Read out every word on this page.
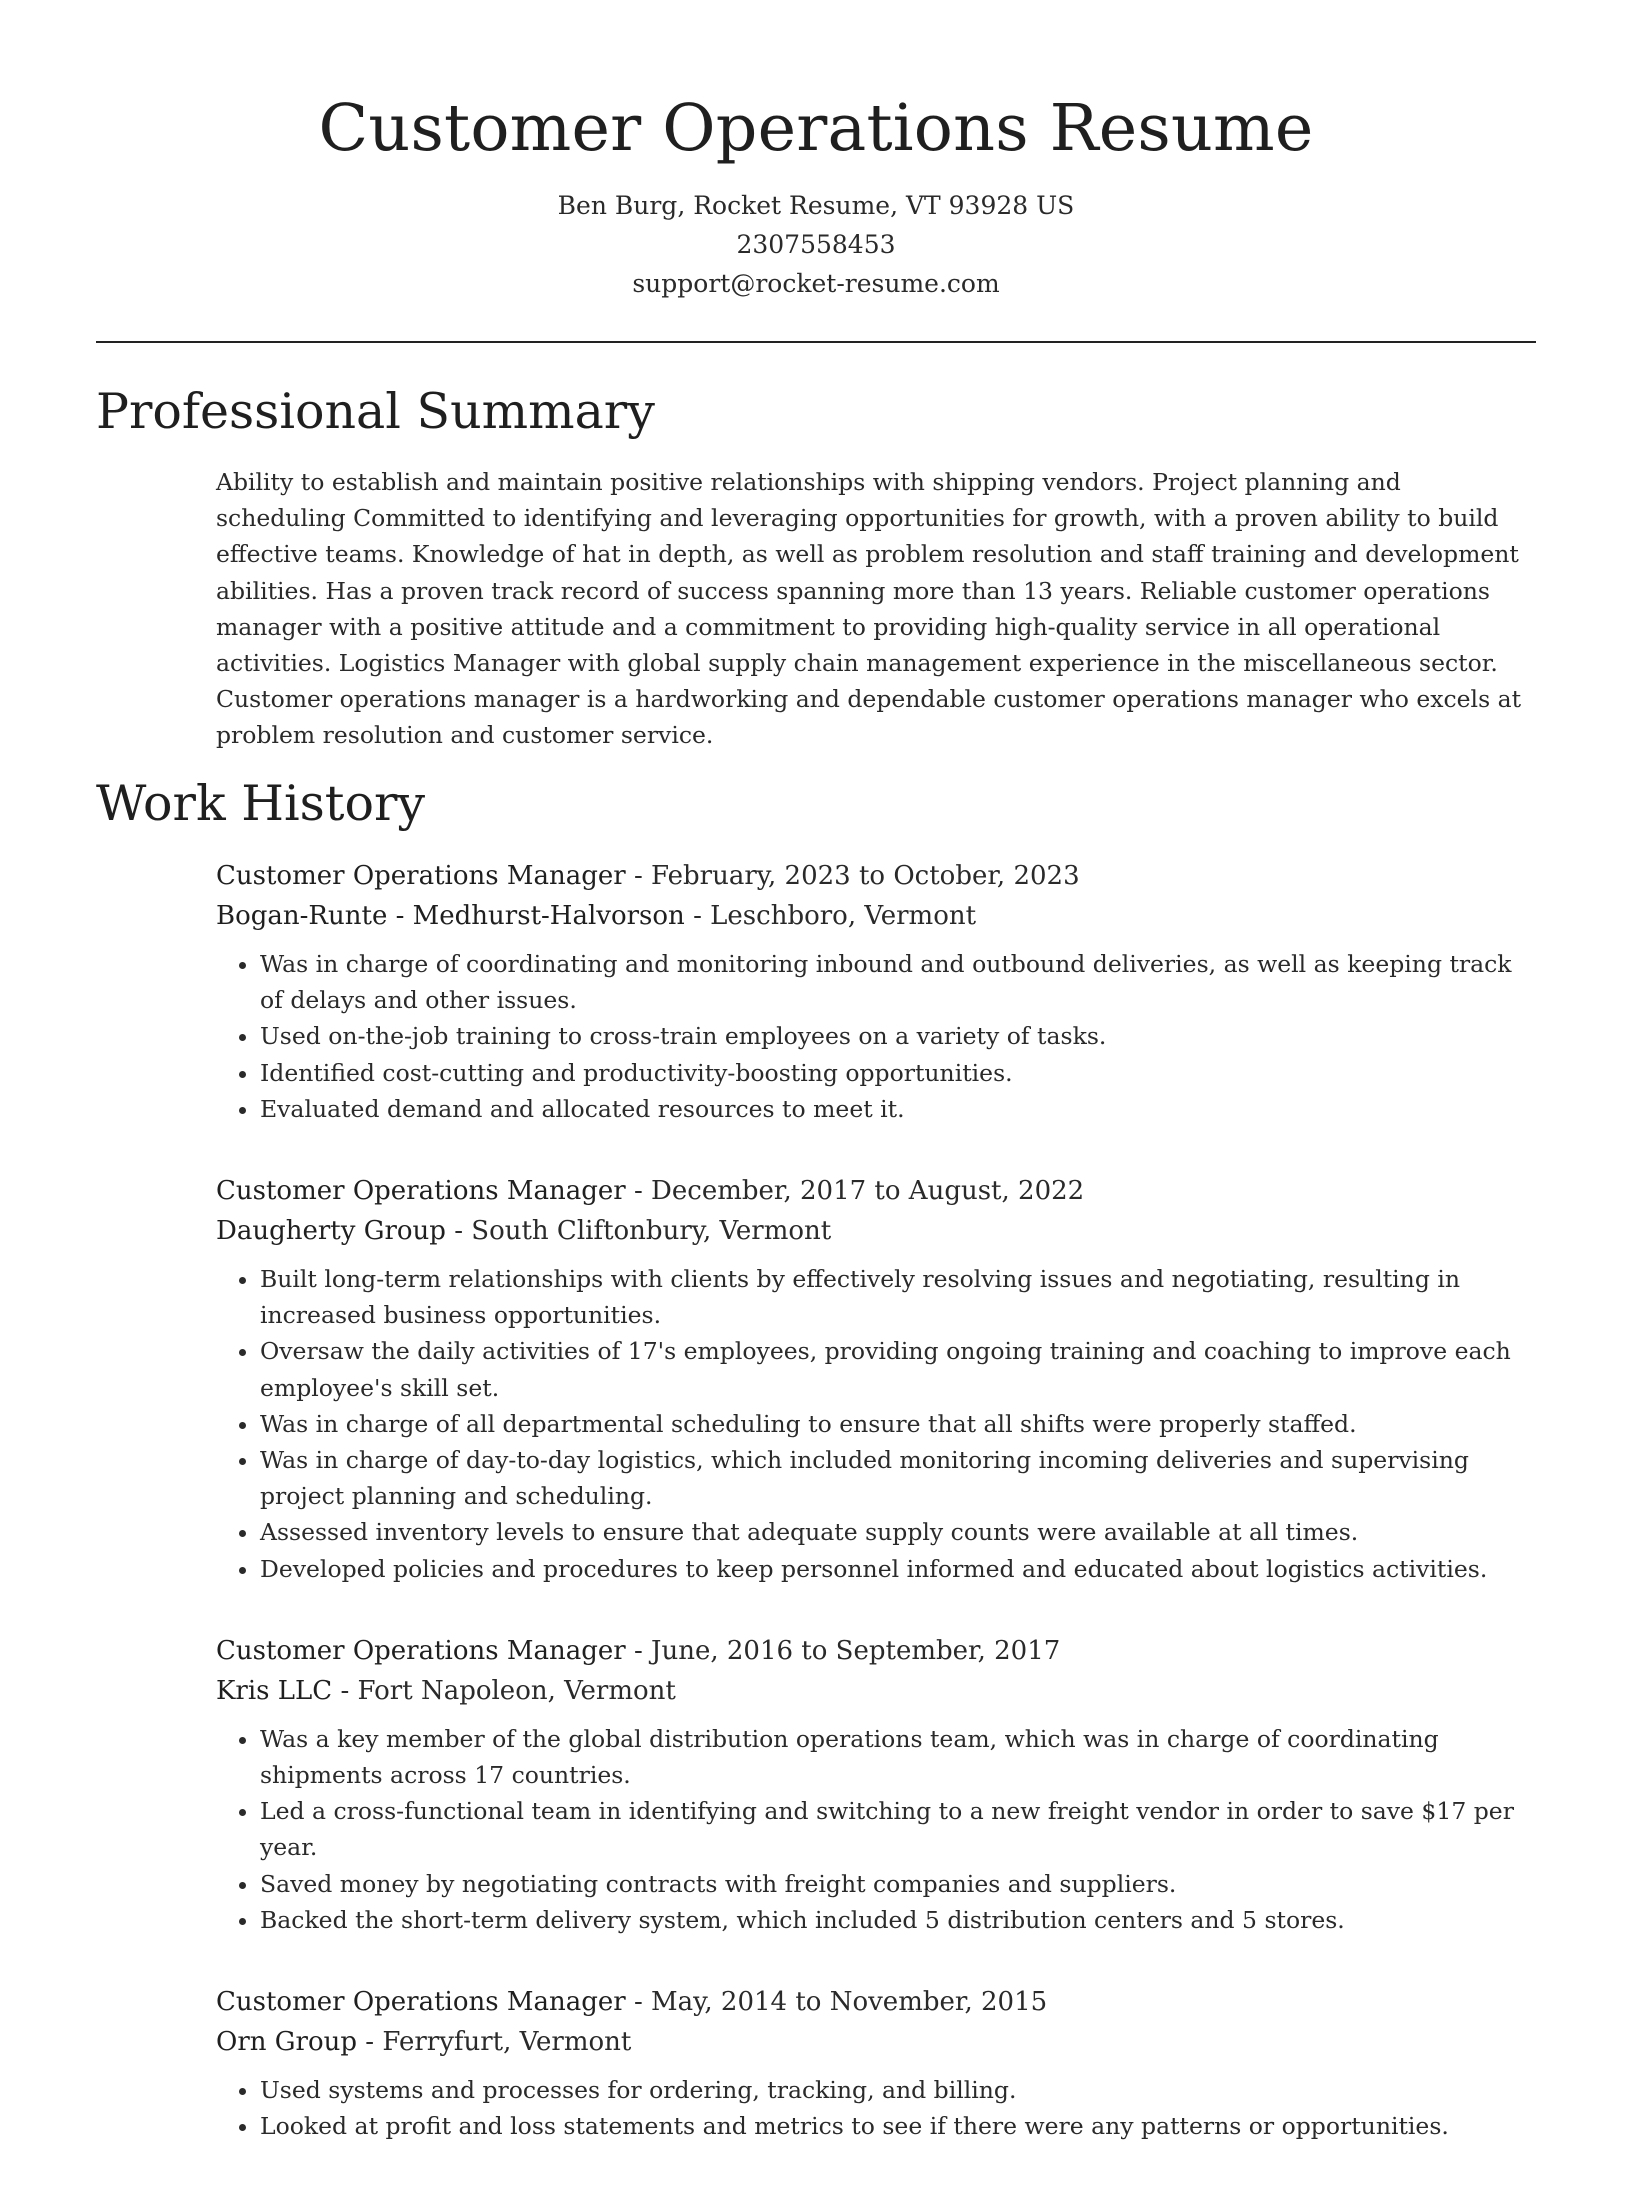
Customer Operations Resume
Ben Burg, Rocket Resume, VT 93928 US
2307558453
support@rocket-resume.com
Professional Summary

Ability to establish and maintain positive relationships with shipping vendors. Project planning and scheduling Committed to identifying and leveraging opportunities for growth, with a proven ability to build effective teams. Knowledge of hat in depth, as well as problem resolution and staff training and development abilities. Has a proven track record of success spanning more than 13 years. Reliable customer operations manager with a positive attitude and a commitment to providing high-quality service in all operational activities. Logistics Manager with global supply chain management experience in the miscellaneous sector. Customer operations manager is a hardworking and dependable customer operations manager who excels at problem resolution and customer service.

Work History
Customer Operations Manager - February, 2023 to October, 2023
Bogan-Runte - Medhurst-Halvorson - Leschboro, Vermont
• Was in charge of coordinating and monitoring inbound and outbound deliveries, as well as keeping track of delays and other issues.
• Used on-the-job training to cross-train employees on a variety of tasks.
• Identified cost-cutting and productivity-boosting opportunities.
• Evaluated demand and allocated resources to meet it.
Customer Operations Manager - December, 2017 to August, 2022
Daugherty Group - South Cliftonbury, Vermont
• Built long-term relationships with clients by effectively resolving issues and negotiating, resulting in increased business opportunities.
• Oversaw the daily activities of 17's employees, providing ongoing training and coaching to improve each employee's skill set.
• Was in charge of all departmental scheduling to ensure that all shifts were properly staffed.
• Was in charge of day-to-day logistics, which included monitoring incoming deliveries and supervising project planning and scheduling.
• Assessed inventory levels to ensure that adequate supply counts were available at all times.
• Developed policies and procedures to keep personnel informed and educated about logistics activities.
Customer Operations Manager - June, 2016 to September, 2017
Kris LLC - Fort Napoleon, Vermont
• Was a key member of the global distribution operations team, which was in charge of coordinating shipments across 17 countries.
• Led a cross-functional team in identifying and switching to a new freight vendor in order to save $17 per year.
• Saved money by negotiating contracts with freight companies and suppliers.
• Backed the short-term delivery system, which included 5 distribution centers and 5 stores.
Customer Operations Manager - May, 2014 to November, 2015
Orn Group - Ferryfurt, Vermont
• Used systems and processes for ordering, tracking, and billing.
• Looked at profit and loss statements and metrics to see if there were any patterns or opportunities.
